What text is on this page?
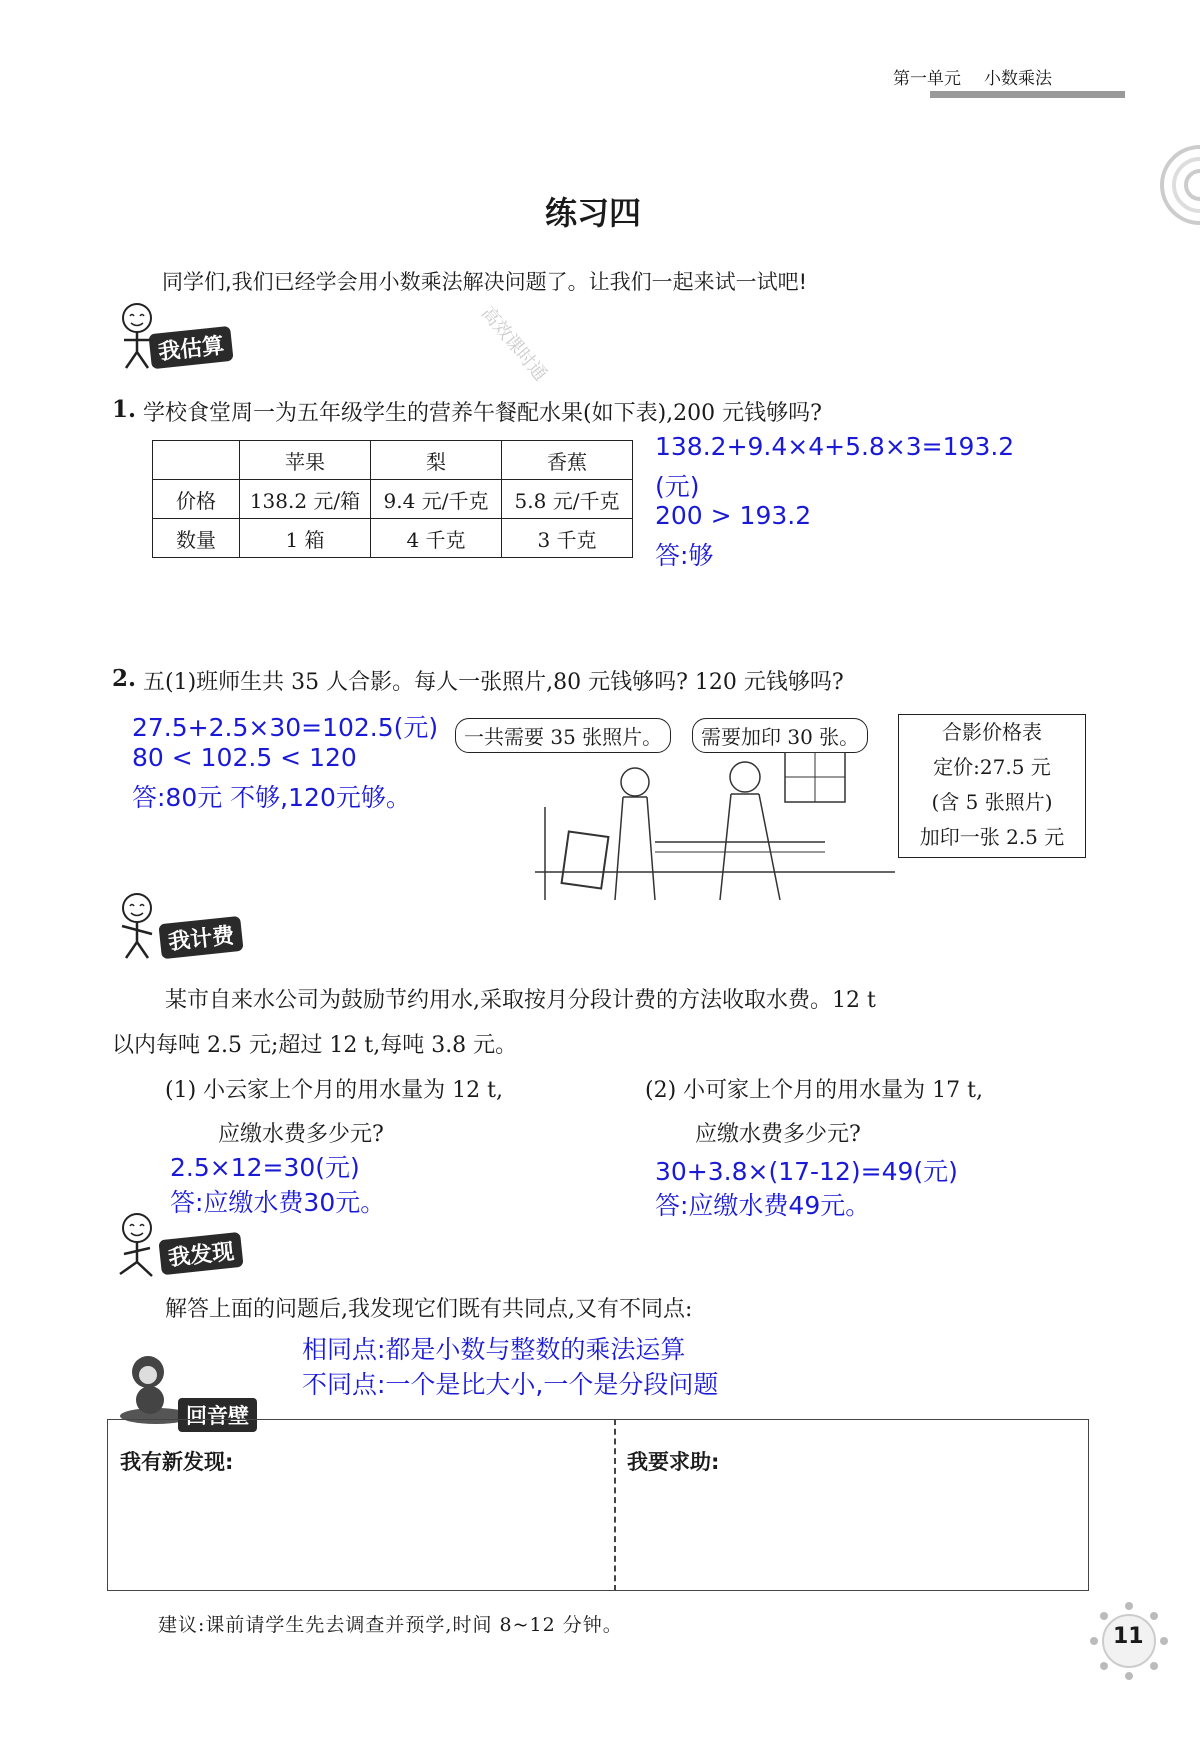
第一单元 小数乘法
练习四
同学们,我们已经学会用小数乘法解决问题了。让我们一起来试一试吧!
高效课时通
我估算
1. 学校食堂周一为五年级学生的营养午餐配水果(如下表),200 元钱够吗?
	苹果	梨	香蕉
价格	138.2 元/箱	9.4 元/千克	5.8 元/千克
数量	1 箱	4 千克	3 千克
138.2+9.4×4+5.8×3=193.2
(元)
200 > 193.2
答:够
2. 五(1)班师生共 35 人合影。每人一张照片,80 元钱够吗? 120 元钱够吗?
27.5+2.5×30=102.5(元)
80 < 102.5 < 120
答:80元 不够,120元够。
一共需要 35 张照片。	需要加印 30 张。	合影价格表
定价:27.5 元
(含 5 张照片)
加印一张 2.5 元
我计费
某市自来水公司为鼓励节约用水,采取按月分段计费的方法收取水费。12 t
以内每吨 2.5 元;超过 12 t,每吨 3.8 元。
(1) 小云家上个月的用水量为 12 t,
应缴水费多少元?
2.5×12=30(元)
答:应缴水费30元。
(2) 小可家上个月的用水量为 17 t,
应缴水费多少元?
30+3.8×(17-12)=49(元)
答:应缴水费49元。
我发现
解答上面的问题后,我发现它们既有共同点,又有不同点:
相同点:都是小数与整数的乘法运算
不同点:一个是比大小,一个是分段问题
回音壁
我有新发现:	我要求助:
建议:课前请学生先去调查并预学,时间 8~12 分钟。	11
